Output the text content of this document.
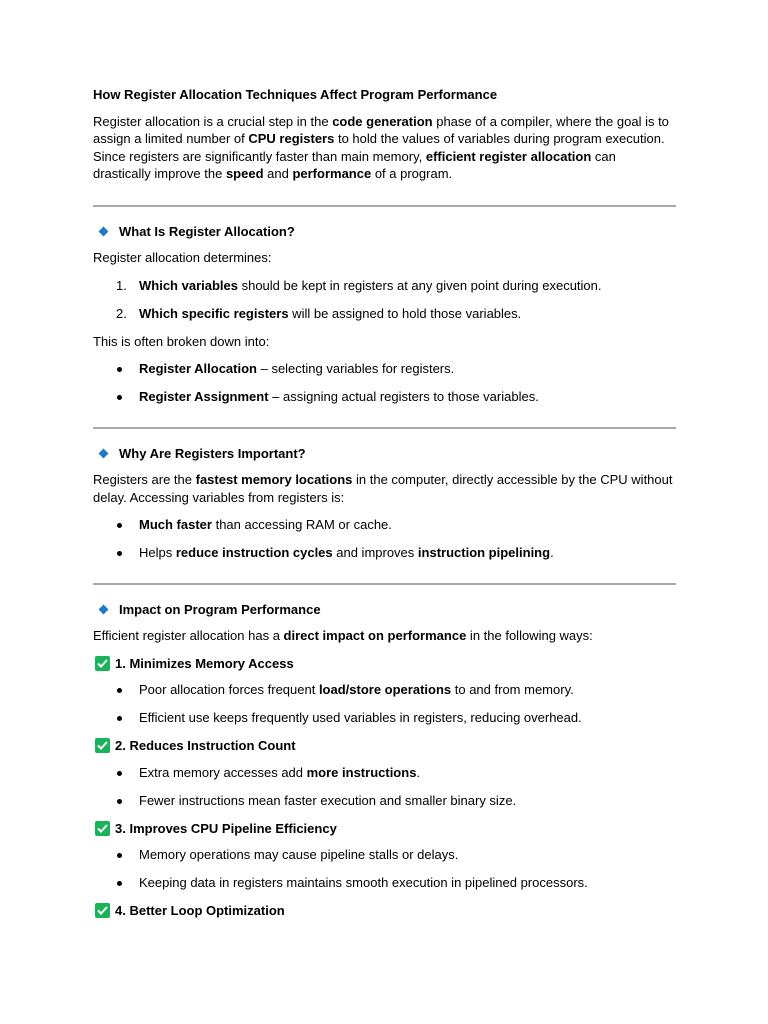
How Register Allocation Techniques Affect Program Performance

Register allocation is a crucial step in the code generation phase of a compiler, where the goal is to assign a limited number of CPU registers to hold the values of variables during program execution. Since registers are significantly faster than main memory, efficient register allocation can drastically improve the speed and performance of a program.

What Is Register Allocation?

Register allocation determines:

1. Which variables should be kept in registers at any given point during execution.
2. Which specific registers will be assigned to hold those variables.

This is often broken down into:

Register Allocation – selecting variables for registers.
Register Assignment – assigning actual registers to those variables.
Why Are Registers Important?

Registers are the fastest memory locations in the computer, directly accessible by the CPU without delay. Accessing variables from registers is:

Much faster than accessing RAM or cache.
Helps reduce instruction cycles and improves instruction pipelining.
Impact on Program Performance

Efficient register allocation has a direct impact on performance in the following ways:

1. Minimizes Memory Access
Poor allocation forces frequent load/store operations to and from memory.
Efficient use keeps frequently used variables in registers, reducing overhead.
2. Reduces Instruction Count
Extra memory accesses add more instructions.
Fewer instructions mean faster execution and smaller binary size.
3. Improves CPU Pipeline Efficiency
Memory operations may cause pipeline stalls or delays.
Keeping data in registers maintains smooth execution in pipelined processors.
4. Better Loop Optimization
